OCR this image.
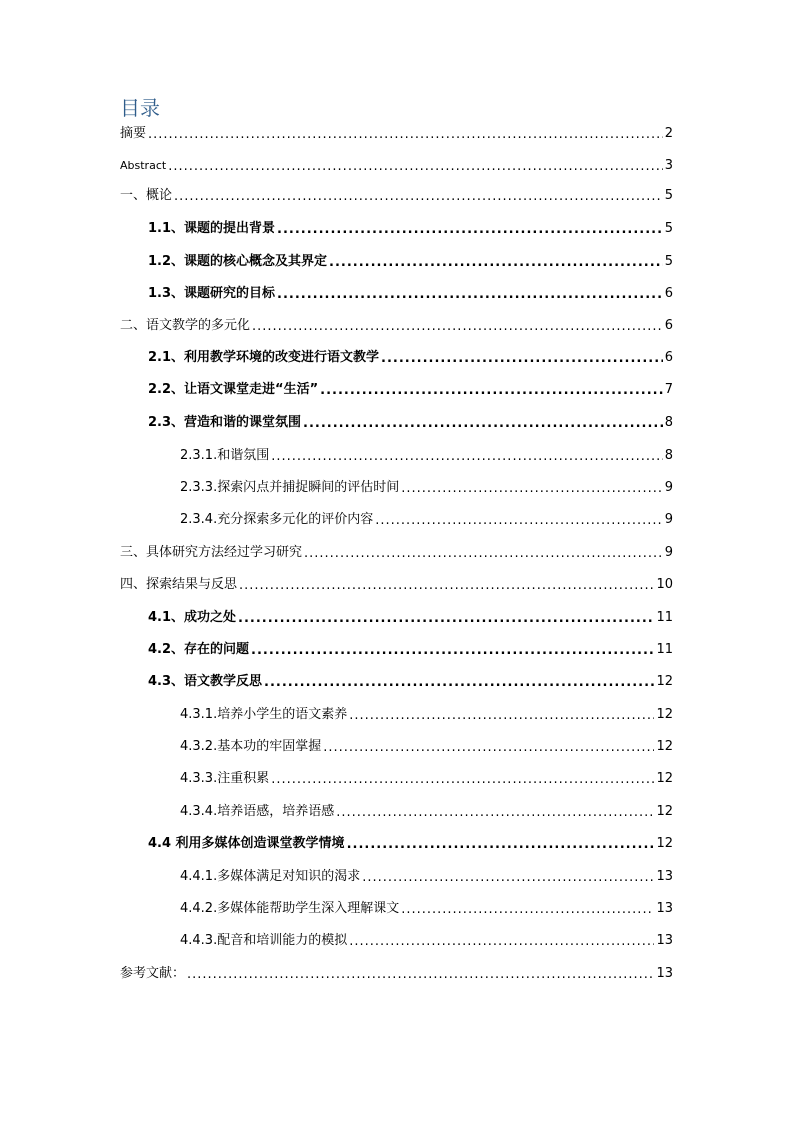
目录
摘要 .....	2
Abstract .....	3
一、概论 .....	5
1.1、课题的提出背景 .....	5
1.2、课题的核心概念及其界定 .....	5
1.3、课题研究的目标 .....	6
二、语文教学的多元化 .....	6
2.1、利用教学环境的改变进行语文教学 .....	6
2.2、让语文课堂走进“生活” .....	7
2.3、营造和谐的课堂氛围 .....	8
2.3.1.和谐氛围 .....	8
2.3.3.探索闪点并捕捉瞬间的评估时间 .....	9
2.3.4.充分探索多元化的评价内容 .....	9
三、具体研究方法经过学习研究 .....	9
四、探索结果与反思 .....	10
4.1、成功之处 .....	11
4.2、存在的问题 .....	11
4.3、语文教学反思 .....	12
4.3.1.培养小学生的语文素养 .....	12
4.3.2.基本功的牢固掌握 .....	12
4.3.3.注重积累 .....	12
4.3.4.培养语感，培养语感 .....	12
4.4 利用多媒体创造课堂教学情境 .....	12
4.4.1.多媒体满足对知识的渴求 .....	13
4.4.2.多媒体能帮助学生深入理解课文 .....	13
4.4.3.配音和培训能力的模拟 .....	13
参考文献： .....	13
